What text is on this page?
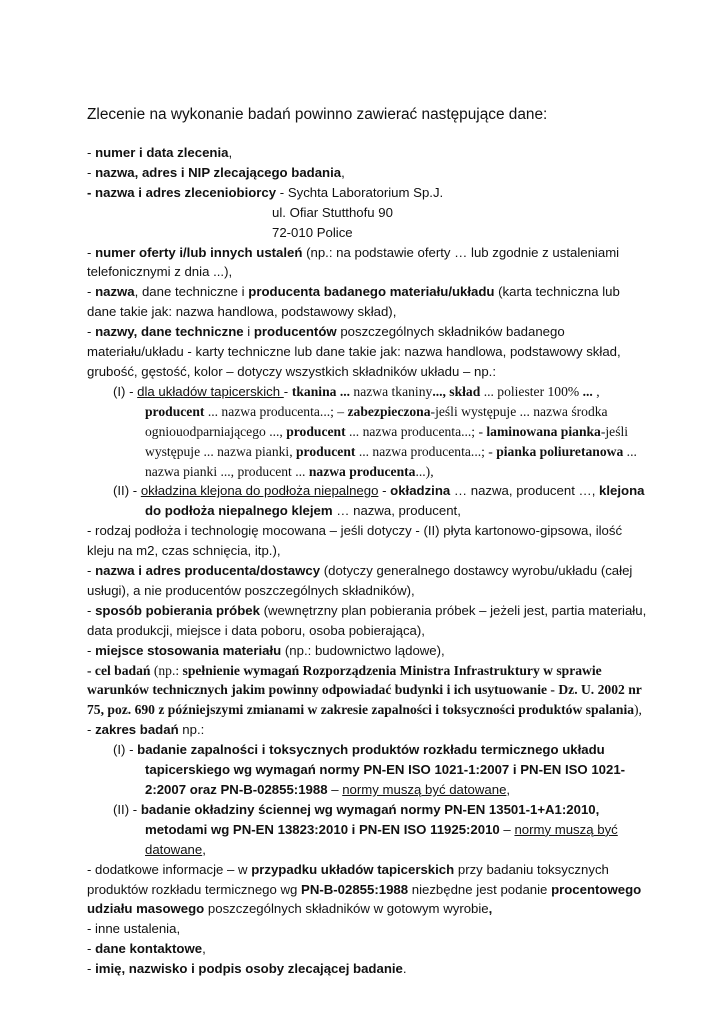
Zlecenie na wykonanie badań powinno zawierać następujące dane:

- numer i data zlecenia,

- nazwa, adres i NIP zlecającego badania,

- nazwa i adres zleceniobiorcy - Sychta Laboratorium Sp.J.

ul. Ofiar Stutthofu 90

72-010 Police

- numer oferty i/lub innych ustaleń (np.: na podstawie oferty … lub zgodnie z ustaleniami telefonicznymi z dnia ...),

- nazwa, dane techniczne i producenta badanego materiału/układu (karta techniczna lub dane takie jak: nazwa handlowa, podstawowy skład),

- nazwy, dane techniczne i producentów poszczególnych składników badanego materiału/układu - karty techniczne lub dane takie jak: nazwa handlowa, podstawowy skład, grubość, gęstość, kolor – dotyczy wszystkich składników układu – np.:

(I) - dla układów tapicerskich - tkanina ... nazwa tkaniny..., skład ... poliester 100% ... , producent ... nazwa producenta...; – zabezpieczona-jeśli występuje ... nazwa środka ogniouodparniającego ..., producent ... nazwa producenta...; - laminowana pianka-jeśli występuje ... nazwa pianki, producent ... nazwa producenta...; - pianka poliuretanowa ... nazwa pianki ..., producent ... nazwa producenta...),

(II) - okładzina klejona do podłoża niepalnego - okładzina … nazwa, producent …, klejona do podłoża niepalnego klejem … nazwa, producent,

- rodzaj podłoża i technologię mocowana – jeśli dotyczy - (II) płyta kartonowo-gipsowa, ilość kleju na m2, czas schnięcia, itp.),

- nazwa i adres producenta/dostawcy (dotyczy generalnego dostawcy wyrobu/układu (całej usługi), a nie producentów poszczególnych składników),

- sposób pobierania próbek (wewnętrzny plan pobierania próbek – jeżeli jest, partia materiału, data produkcji, miejsce i data poboru, osoba pobierająca),

- miejsce stosowania materiału (np.: budownictwo lądowe),

- cel badań (np.: spełnienie wymagań Rozporządzenia Ministra Infrastruktury w sprawie warunków technicznych jakim powinny odpowiadać budynki i ich usytuowanie - Dz. U. 2002 nr 75, poz. 690 z późniejszymi zmianami w zakresie zapalności i toksyczności produktów spalania),

- zakres badań np.:

(I) - badanie zapalności i toksycznych produktów rozkładu termicznego układu tapicerskiego wg wymagań normy PN-EN ISO 1021-1:2007 i PN-EN ISO 1021-2:2007 oraz PN-B-02855:1988 – normy muszą być datowane,

(II) - badanie okładziny ściennej wg wymagań normy PN-EN 13501-1+A1:2010, metodami wg PN-EN 13823:2010 i PN-EN ISO 11925:2010 – normy muszą być datowane,

- dodatkowe informacje – w przypadku układów tapicerskich przy badaniu toksycznych produktów rozkładu termicznego wg PN-B-02855:1988 niezbędne jest podanie procentowego udziału masowego poszczególnych składników w gotowym wyrobie,

- inne ustalenia,

- dane kontaktowe,

- imię, nazwisko i podpis osoby zlecającej badanie.
